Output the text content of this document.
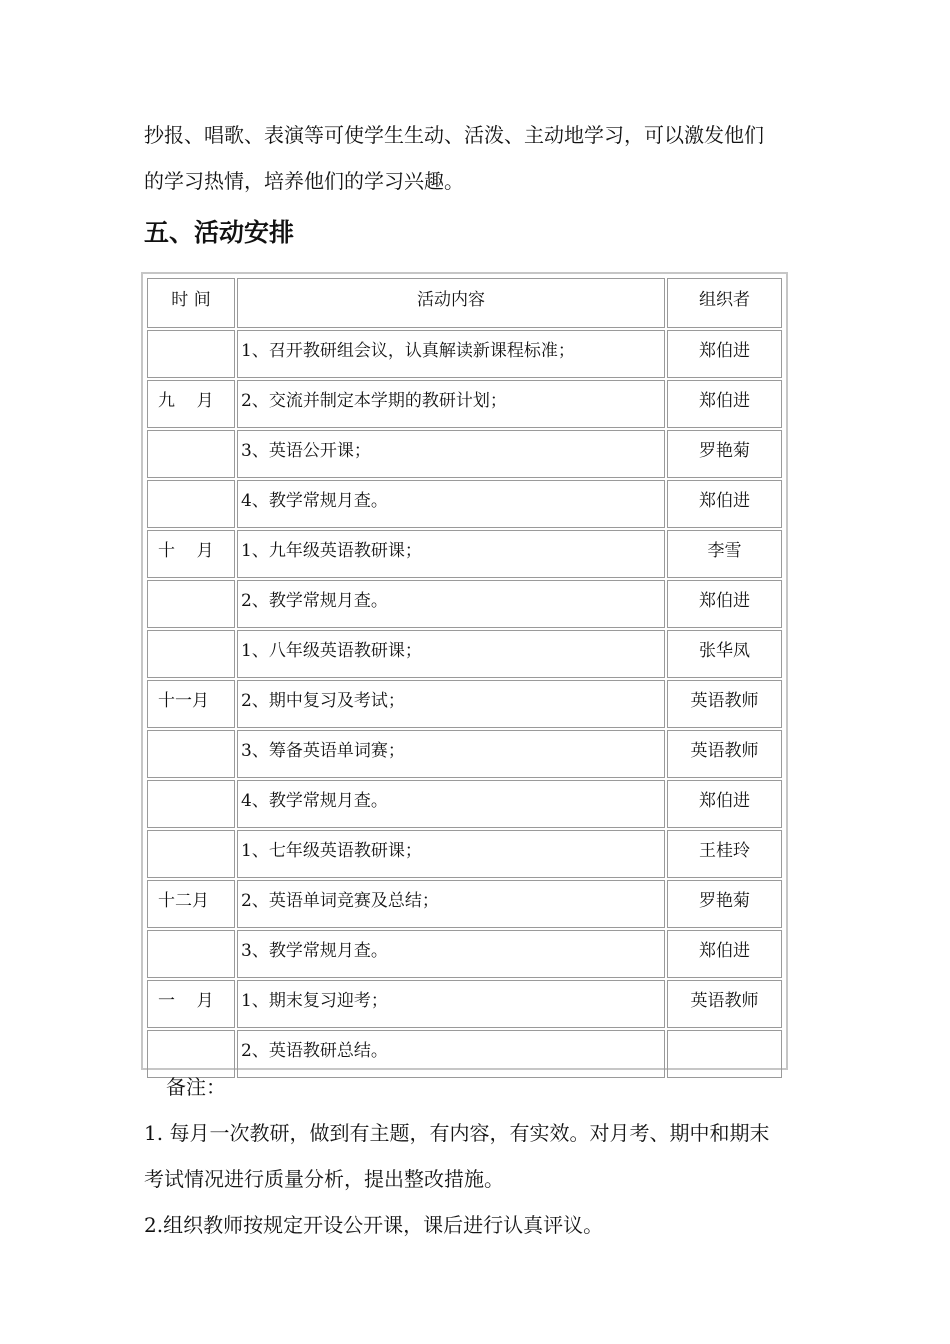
抄报、唱歌、表演等可使学生生动、活泼、主动地学习，可以激发他们
的学习热情，培养他们的学习兴趣。
五、活动安排
时 间	活动内容	组织者
	1、召开教研组会议，认真解读新课程标准；	郑伯进
九    月	2、交流并制定本学期的教研计划；	郑伯进
	3、英语公开课；	罗艳菊
	4、教学常规月查。	郑伯进
十    月	1、九年级英语教研课；	李雪
	2、教学常规月查。	郑伯进
	1、八年级英语教研课；	张华凤
十一月	2、期中复习及考试；	英语教师
	3、筹备英语单词赛；	英语教师
	4、教学常规月查。	郑伯进
	1、七年级英语教研课；	王桂玲
十二月	2、英语单词竞赛及总结；	罗艳菊
	3、教学常规月查。	郑伯进
一    月	1、期末复习迎考；	英语教师
	2、英语教研总结。	
备注：
1. 每月一次教研，做到有主题，有内容，有实效。对月考、期中和期末
考试情况进行质量分析，提出整改措施。
2.组织教师按规定开设公开课，课后进行认真评议。
